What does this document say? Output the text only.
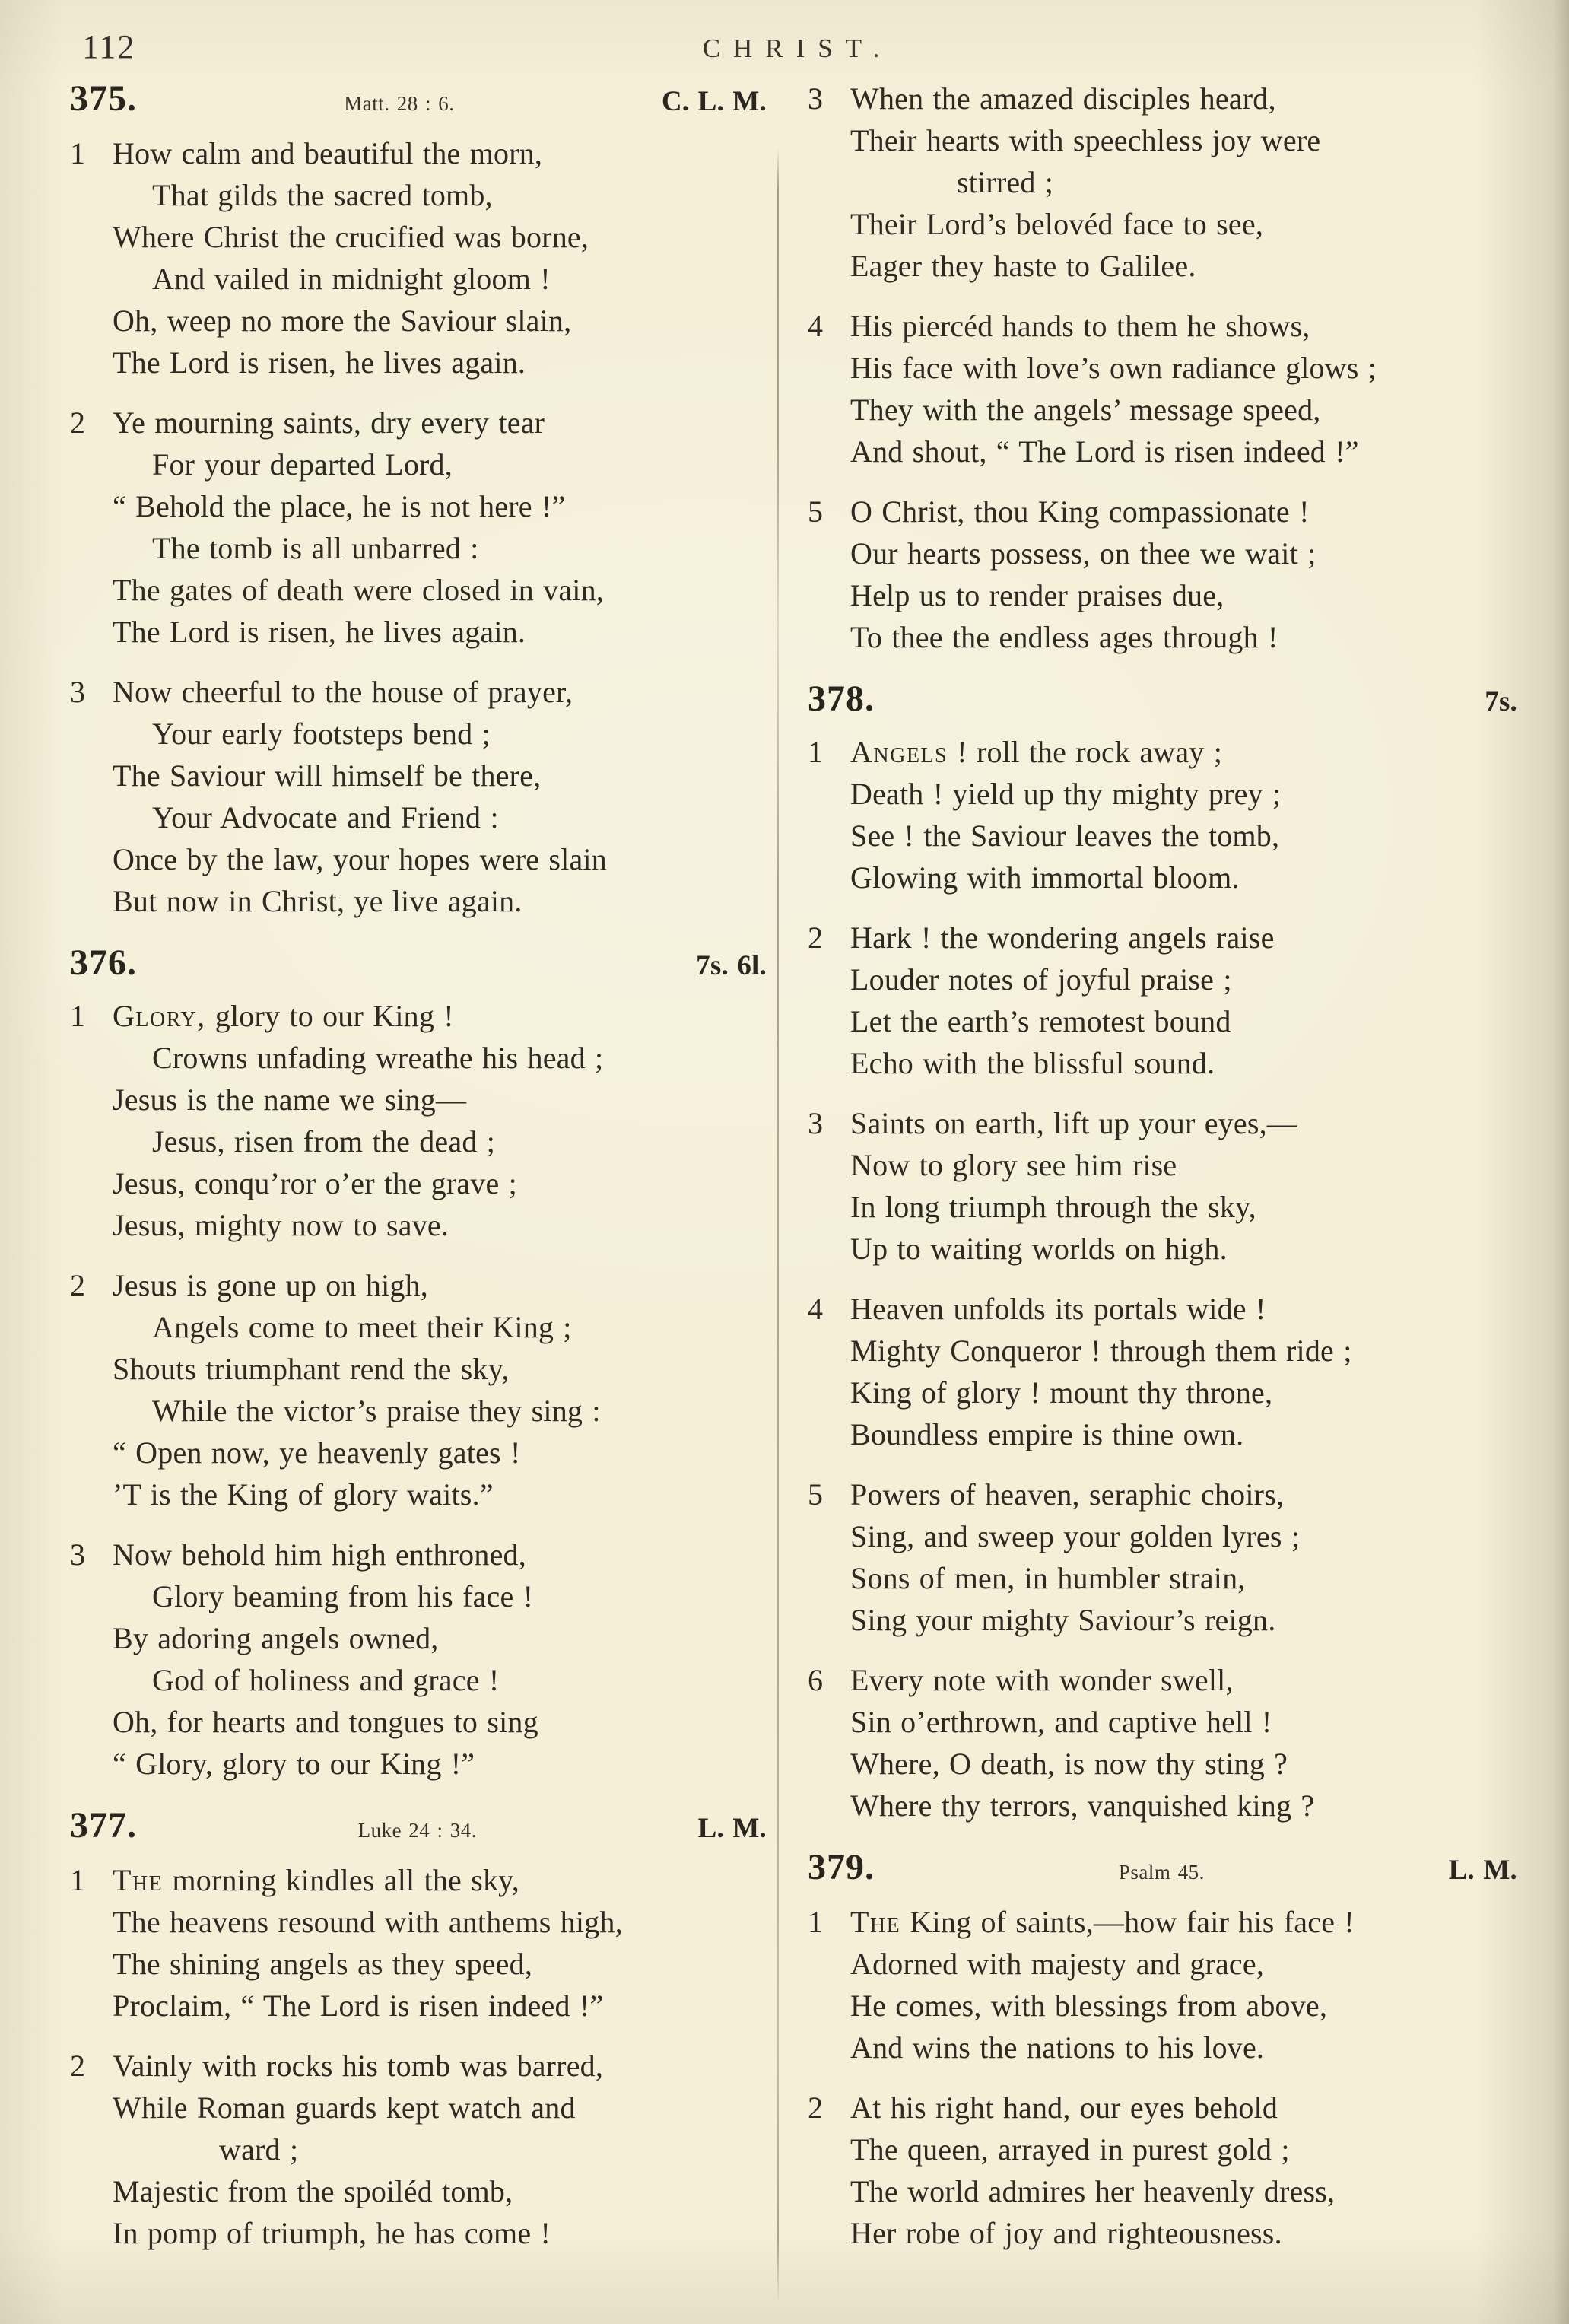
112	CHRIST.
375.	Matt. 28 : 6.	C. L. M.
1 How calm and beautiful the morn,
That gilds the sacred tomb,
Where Christ the crucified was borne,
And vailed in midnight gloom !
Oh, weep no more the Saviour slain,
The Lord is risen, he lives again.
2 Ye mourning saints, dry every tear
For your departed Lord,
“ Behold the place, he is not here !”
The tomb is all unbarred :
The gates of death were closed in vain,
The Lord is risen, he lives again.
3 Now cheerful to the house of prayer,
Your early footsteps bend ;
The Saviour will himself be there,
Your Advocate and Friend :
Once by the law, your hopes were slain
But now in Christ, ye live again.
376.	7s. 6l.
1 Glory, glory to our King !
Crowns unfading wreathe his head ;
Jesus is the name we sing—
Jesus, risen from the dead ;
Jesus, conqu’ror o’er the grave ;
Jesus, mighty now to save.
2 Jesus is gone up on high,
Angels come to meet their King ;
Shouts triumphant rend the sky,
While the victor’s praise they sing :
“ Open now, ye heavenly gates !
’T is the King of glory waits.”
3 Now behold him high enthroned,
Glory beaming from his face !
By adoring angels owned,
God of holiness and grace !
Oh, for hearts and tongues to sing
“ Glory, glory to our King !”
377.	Luke 24 : 34.	L. M.
1 The morning kindles all the sky,
The heavens resound with anthems high,
The shining angels as they speed,
Proclaim, “ The Lord is risen indeed !”
2 Vainly with rocks his tomb was barred,
While Roman guards kept watch and
ward ;
Majestic from the spoiléd tomb,
In pomp of triumph, he has come !
3 When the amazed disciples heard,
Their hearts with speechless joy were
stirred ;
Their Lord’s belovéd face to see,
Eager they haste to Galilee.
4 His piercéd hands to them he shows,
His face with love’s own radiance glows ;
They with the angels’ message speed,
And shout, “ The Lord is risen indeed !”
5 O Christ, thou King compassionate !
Our hearts possess, on thee we wait ;
Help us to render praises due,
To thee the endless ages through !
378.	7s.
1 Angels ! roll the rock away ;
Death ! yield up thy mighty prey ;
See ! the Saviour leaves the tomb,
Glowing with immortal bloom.
2 Hark ! the wondering angels raise
Louder notes of joyful praise ;
Let the earth’s remotest bound
Echo with the blissful sound.
3 Saints on earth, lift up your eyes,—
Now to glory see him rise
In long triumph through the sky,
Up to waiting worlds on high.
4 Heaven unfolds its portals wide !
Mighty Conqueror ! through them ride ;
King of glory ! mount thy throne,
Boundless empire is thine own.
5 Powers of heaven, seraphic choirs,
Sing, and sweep your golden lyres ;
Sons of men, in humbler strain,
Sing your mighty Saviour’s reign.
6 Every note with wonder swell,
Sin o’erthrown, and captive hell !
Where, O death, is now thy sting ?
Where thy terrors, vanquished king ?
379.	Psalm 45.	L. M.
1 The King of saints,—how fair his face !
Adorned with majesty and grace,
He comes, with blessings from above,
And wins the nations to his love.
2 At his right hand, our eyes behold
The queen, arrayed in purest gold ;
The world admires her heavenly dress,
Her robe of joy and righteousness.
